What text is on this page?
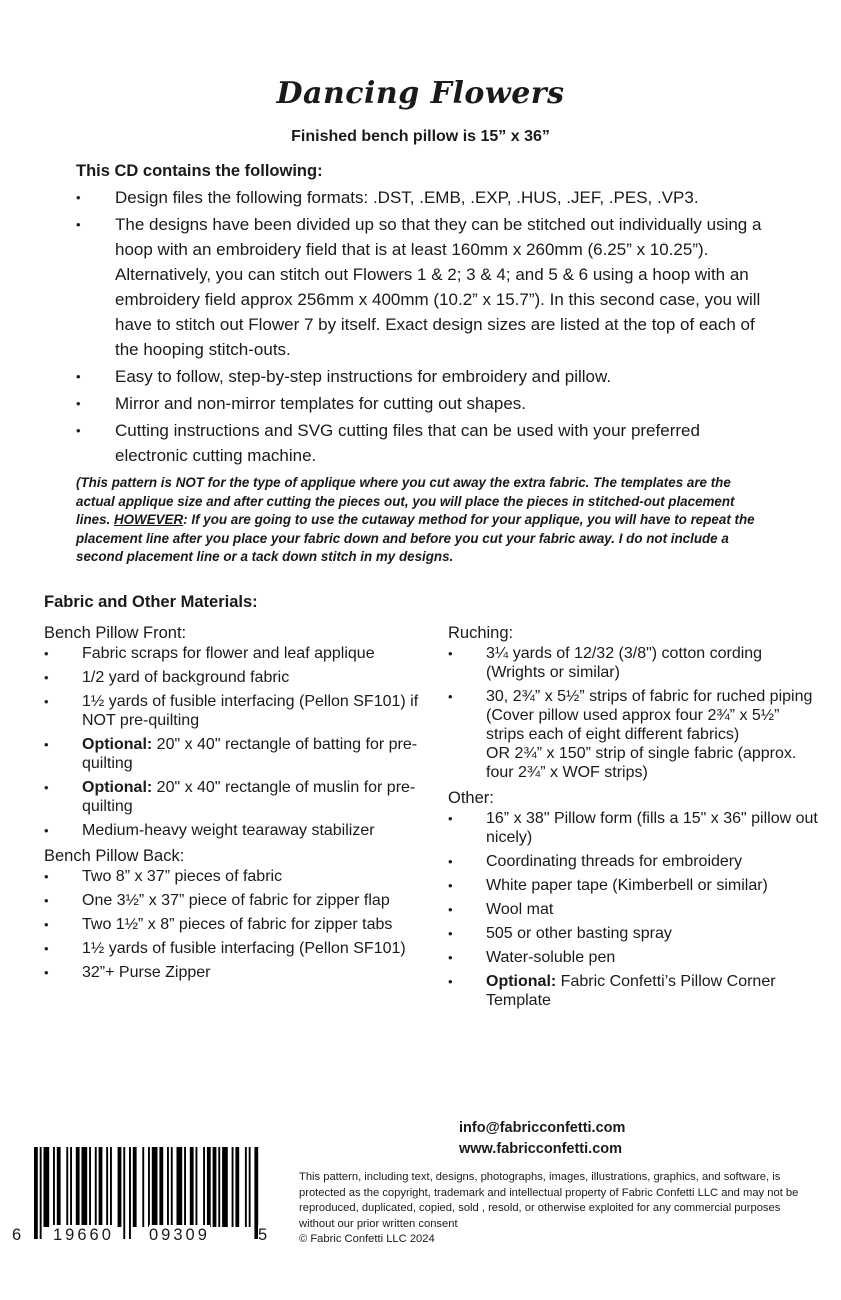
Dancing Flowers
Finished bench pillow is 15” x 36”
This CD contains the following:
• Design files the following formats: .DST, .EMB, .EXP, .HUS, .JEF, .PES, .VP3.
• The designs have been divided up so that they can be stitched out individually using a hoop with an embroidery field that is at least 160mm x 260mm (6.25” x 10.25”). Alternatively, you can stitch out Flowers 1 & 2; 3 & 4; and 5 & 6 using a hoop with an embroidery field approx 256mm x 400mm (10.2” x 15.7”). In this second case, you will have to stitch out Flower 7 by itself. Exact design sizes are listed at the top of each of the hooping stitch-outs.
• Easy to follow, step-by-step instructions for embroidery and pillow.
• Mirror and non-mirror templates for cutting out shapes.
• Cutting instructions and SVG cutting files that can be used with your preferred electronic cutting machine.
(This pattern is NOT for the type of applique where you cut away the extra fabric. The templates are the actual applique size and after cutting the pieces out, you will place the pieces in stitched-out placement lines. HOWEVER: If you are going to use the cutaway method for your applique, you will have to repeat the placement line after you place your fabric down and before you cut your fabric away. I do not include a second placement line or a tack down stitch in my designs.
Fabric and Other Materials:
Bench Pillow Front:
• Fabric scraps for flower and leaf applique
• 1/2 yard of background fabric
• 1½ yards of fusible interfacing (Pellon SF101) if NOT pre-quilting
• Optional: 20" x 40" rectangle of batting for pre-quilting
• Optional: 20" x 40" rectangle of muslin for pre-quilting
• Medium-heavy weight tearaway stabilizer
Bench Pillow Back:
• Two 8” x 37” pieces of fabric
• One 3½” x 37” piece of fabric for zipper flap
• Two 1½” x 8” pieces of fabric for zipper tabs
• 1½ yards of fusible interfacing (Pellon SF101)
• 32”+ Purse Zipper
Ruching:
• 3¼ yards of 12/32 (3/8") cotton cording (Wrights or similar)
• 30, 2¾” x 5½” strips of fabric for ruched piping (Cover pillow used approx four 2¾” x 5½” strips each of eight different fabrics)
OR 2¾” x 150” strip of single fabric (approx. four 2¾” x WOF strips)
Other:
• 16” x 38" Pillow form (fills a 15" x 36" pillow out nicely)
• Coordinating threads for embroidery
• White paper tape (Kimberbell or similar)
• Wool mat
• 505 or other basting spray
• Water-soluble pen
• Optional: Fabric Confetti’s Pillow Corner Template
info@fabricconfetti.com
www.fabricconfetti.com
6 19660 09309	5
This pattern, including text, designs, photographs, images, illustrations, graphics, and software, is protected as the copyright, trademark and intellectual property of Fabric Confetti LLC and may not be reproduced, duplicated, copied, sold , resold, or otherwise exploited for any commercial purposes without our prior written consent
© Fabric Confetti LLC 2024
